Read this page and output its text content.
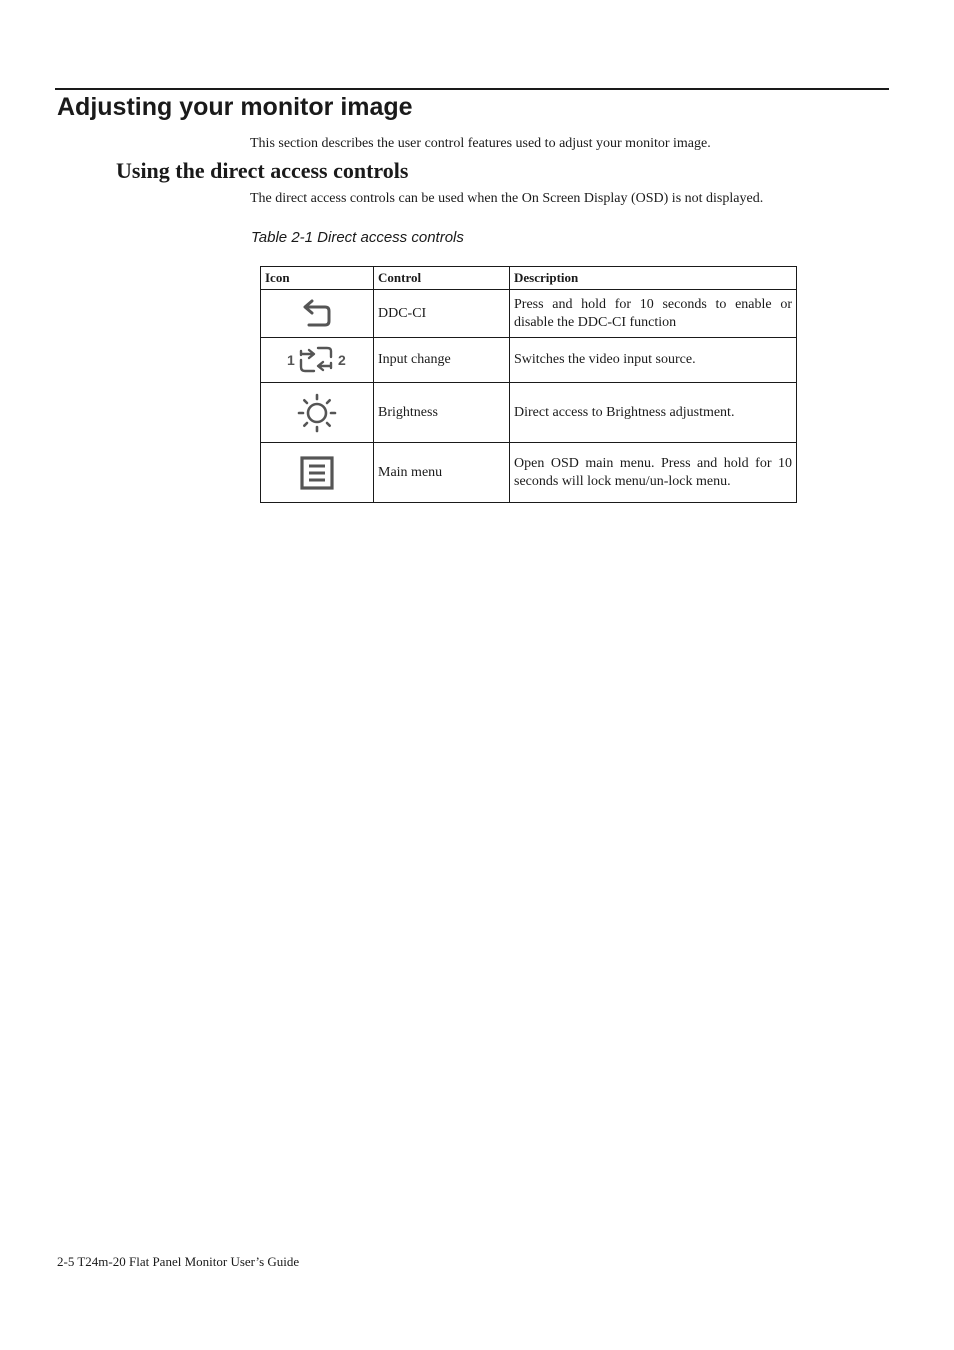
Adjusting your monitor image

This section describes the user control features used to adjust your monitor image.

Using the direct access controls

The direct access controls can be used when the On Screen Display (OSD) is not displayed.

Table 2-1 Direct access controls

Icon	Control	Description

	DDC-CI	Press and hold for 10 seconds to enable or disable the DDC-CI function

1 2	Input change	Switches the video input source.

	Brightness	Direct access to Brightness adjustment.

	Main menu	Open OSD main menu. Press and hold for 10 seconds will lock menu/un-lock menu.

2-5 T24m-20 Flat Panel Monitor User’s Guide
